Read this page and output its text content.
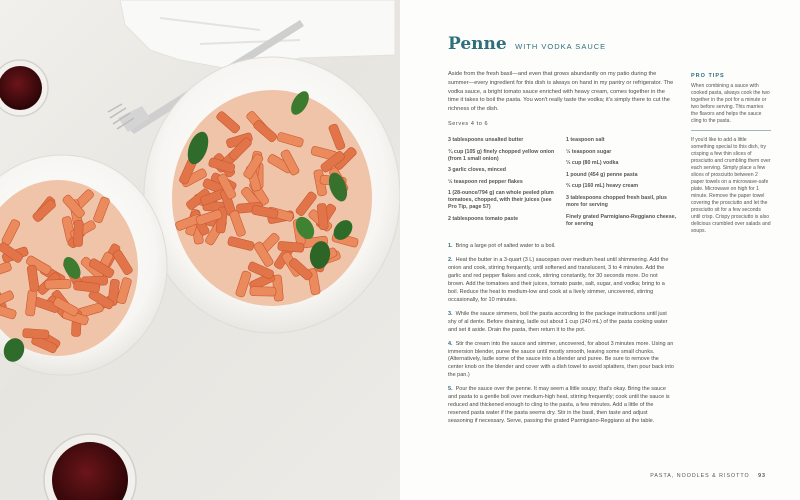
Penne WITH VODKA SAUCE

Aside from the fresh basil—and even that grows abundantly on my patio during the summer—every ingredient for this dish is always on hand in my pantry or refrigerator. The vodka sauce, a bright tomato sauce enriched with heavy cream, comes together in the time it takes to boil the pasta. You won't really taste the vodka; it's simply there to cut the richness of the dish.

Serves 4 to 6
3 tablespoons unsalted butter
¾ cup (105 g) finely chopped yellow onion (from 1 small onion)
3 garlic cloves, minced
½ teaspoon red pepper flakes
1 (28-ounce/794 g) can whole peeled plum tomatoes, chopped, with their juices (see Pro Tip, page 57)
2 tablespoons tomato paste
1 teaspoon salt
½ teaspoon sugar
⅓ cup (80 mL) vodka
1 pound (454 g) penne pasta
⅔ cup (160 mL) heavy cream
3 tablespoons chopped fresh basil, plus more for serving
Finely grated Parmigiano-Reggiano cheese, for serving
1. Bring a large pot of salted water to a boil.
2. Heat the butter in a 3-quart (3 L) saucepan over medium heat until shimmering. Add the onion and cook, stirring frequently, until softened and translucent, 3 to 4 minutes. Add the garlic and red pepper flakes and cook, stirring constantly, for 30 seconds more. Do not brown. Add the tomatoes and their juices, tomato paste, salt, sugar, and vodka; bring to a boil. Reduce the heat to medium-low and cook at a lively simmer, uncovered, stirring occasionally, for 10 minutes.
3. While the sauce simmers, boil the pasta according to the package instructions until just shy of al dente. Before draining, ladle out about 1 cup (240 mL) of the pasta cooking water and set it aside. Drain the pasta, then return it to the pot.
4. Stir the cream into the sauce and simmer, uncovered, for about 3 minutes more. Using an immersion blender, puree the sauce until mostly smooth, leaving some small chunks. (Alternatively, ladle some of the sauce into a blender and puree. Be sure to remove the center knob on the blender and cover with a dish towel to avoid splatters, then pour back into the pan.)
5. Pour the sauce over the penne. It may seem a little soupy; that's okay. Bring the sauce and pasta to a gentle boil over medium-high heat, stirring frequently; cook until the sauce is reduced and thickened enough to cling to the pasta, a few minutes. Add a little of the reserved pasta water if the pasta seems dry. Stir in the basil, then taste and adjust seasoning if necessary. Serve, passing the grated Parmigiano-Reggiano at the table.
PRO TIPS

When combining a sauce with cooked pasta, always cook the two together in the pot for a minute or two before serving. This marries the flavors and helps the sauce cling to the pasta.

If you'd like to add a little something special to this dish, try crisping a few thin slices of prosciutto and crumbling them over each serving. Simply place a few slices of prosciutto between 2 paper towels on a microwave-safe plate. Microwave on high for 1 minute. Remove the paper towel covering the prosciutto and let the prosciutto sit for a few seconds until crisp. Crispy prosciutto is also delicious crumbled over salads and soups.

PASTA, NOODLES & RISOTTO 93
